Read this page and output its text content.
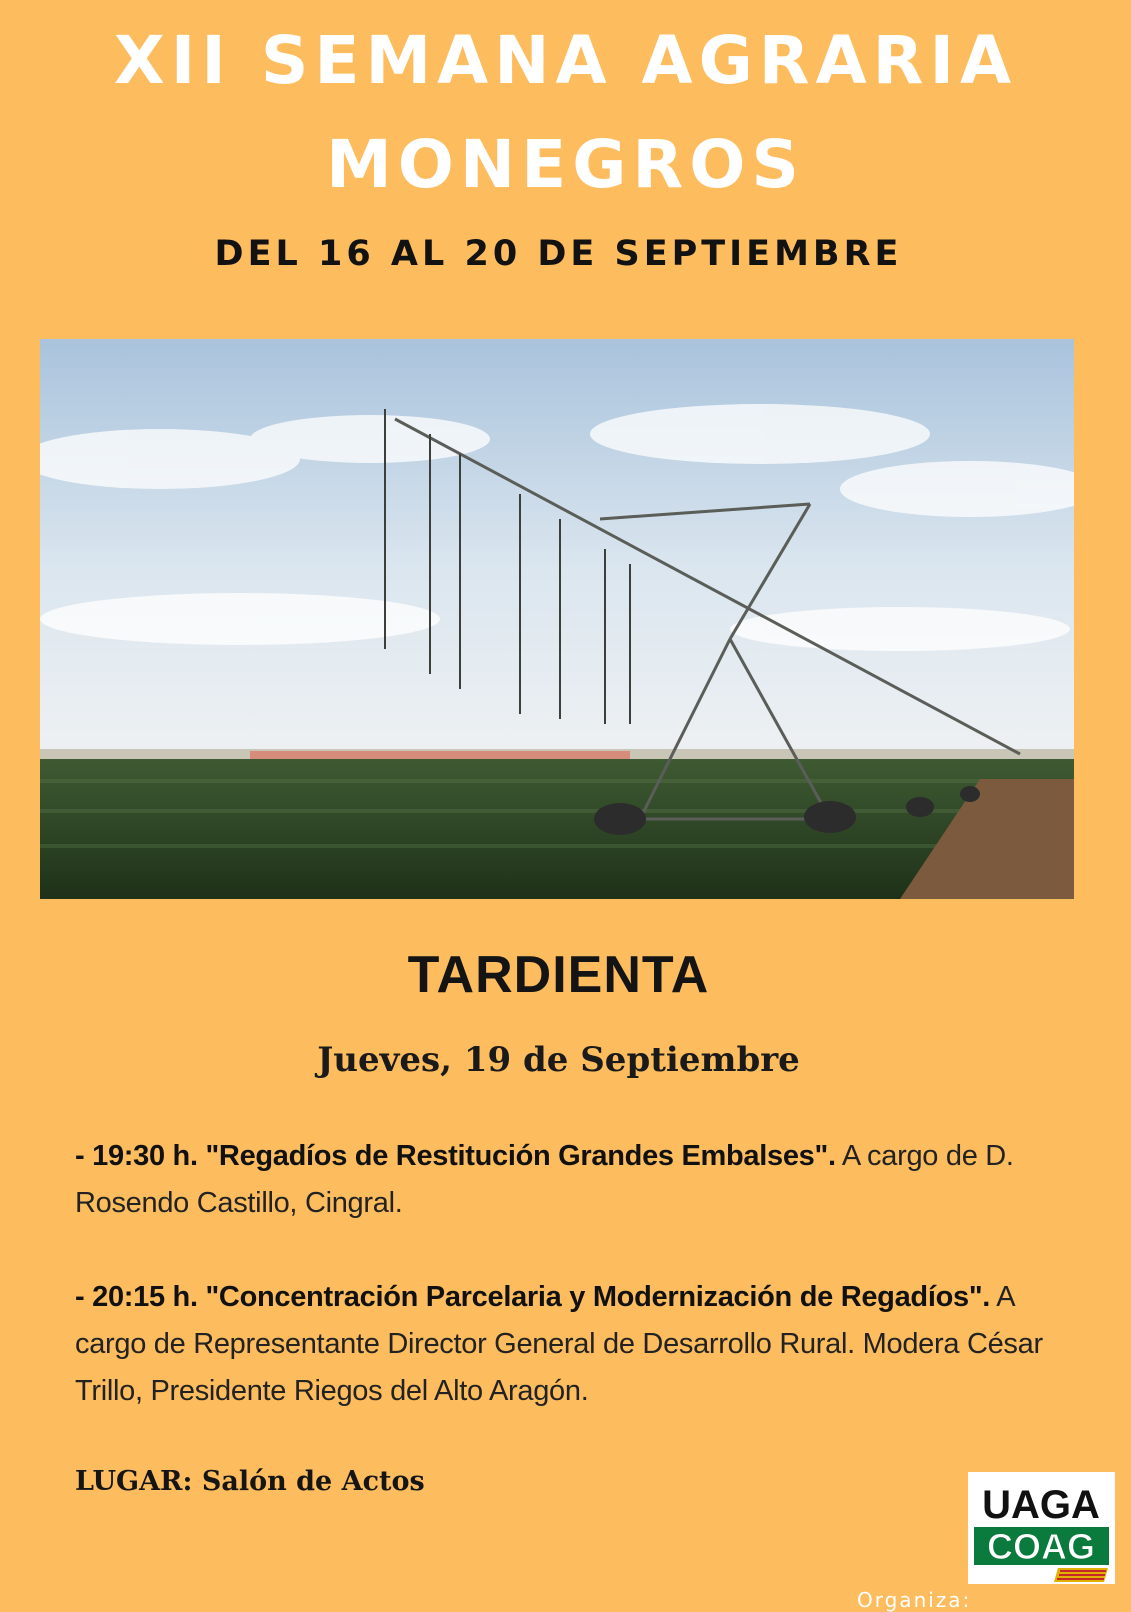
XII SEMANA AGRARIA
MONEGROS
DEL 16 AL 20 DE SEPTIEMBRE
TARDIENTA
Jueves, 19 de Septiembre
- 19:30 h. "Regadíos de Restitución Grandes Embalses". A cargo de D. Rosendo Castillo, Cingral.
- 20:15 h. "Concentración Parcelaria y Modernización de Regadíos". A cargo de Representante Director General de Desarrollo Rural. Modera César Trillo, Presidente Riegos del Alto Aragón.
LUGAR: Salón de Actos
Organiza:
UAGA
COAG
